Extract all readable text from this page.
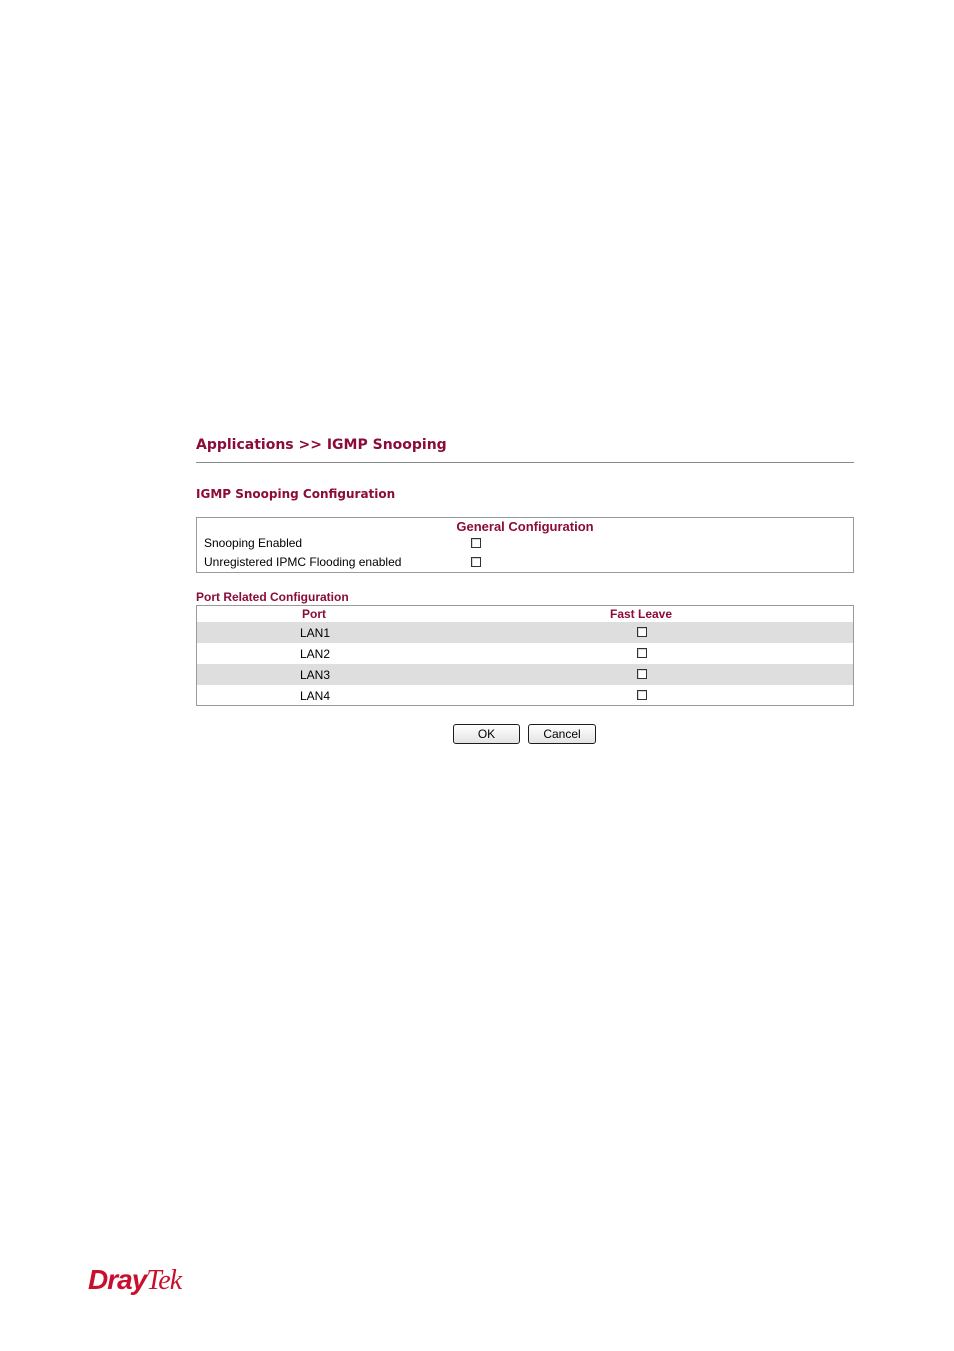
Applications >> IGMP Snooping
IGMP Snooping Configuration
General Configuration
Snooping Enabled
Unregistered IPMC Flooding enabled
Port Related Configuration
Port	Fast Leave
LAN1
LAN2
LAN3
LAN4
OK	Cancel
DrayTek
